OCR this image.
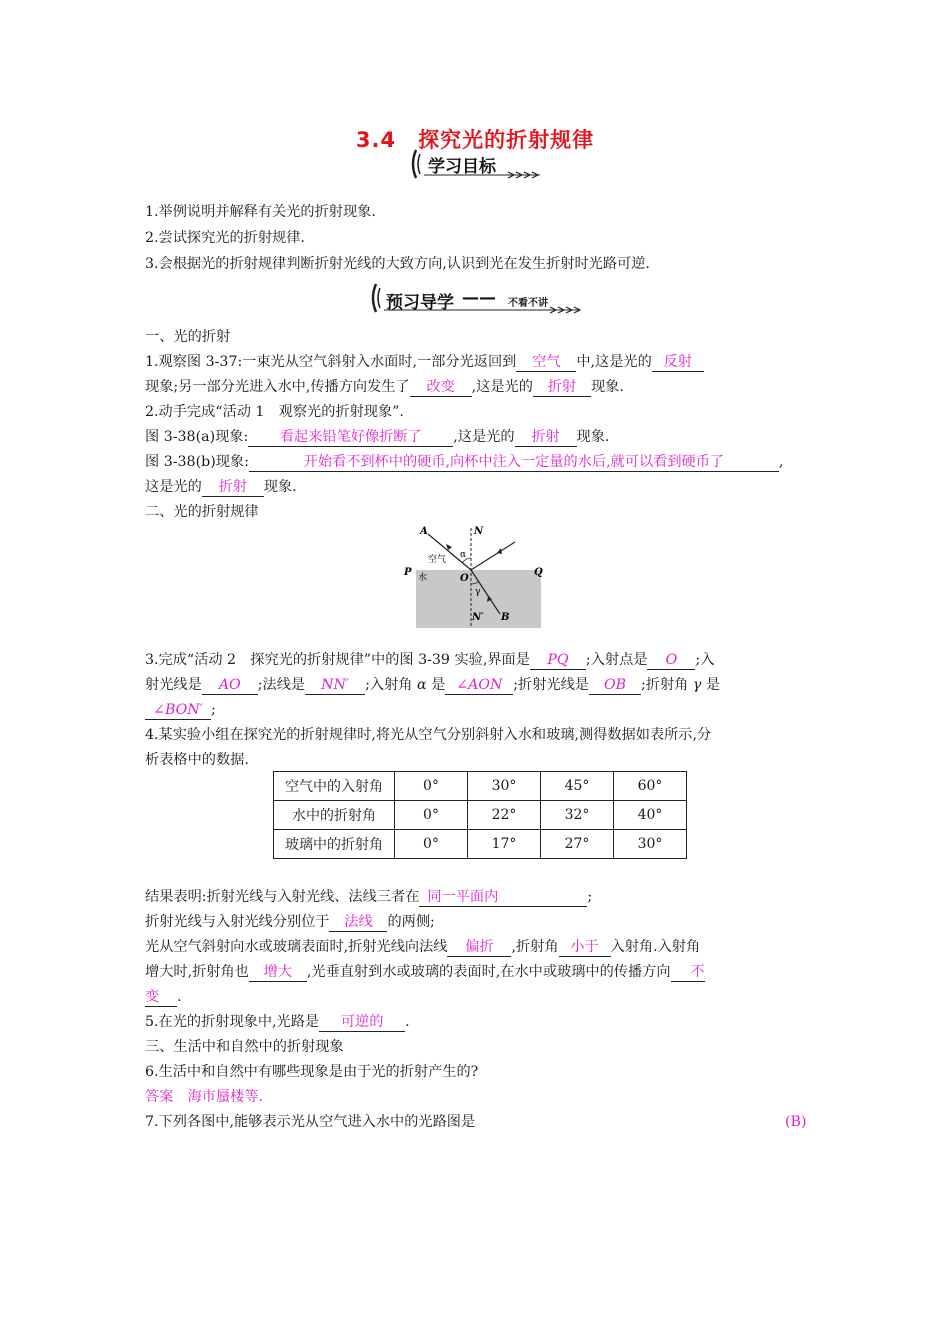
3.4　探究光的折射规律
学习目标
1.举例说明并解释有关光的折射现象.
2.尝试探究光的折射规律.
3.会根据光的折射规律判断折射光线的大致方向,认识到光在发生折射时光路可逆.
预习导学 —— 不看不讲
一、光的折射
1.观察图 3-37:一束光从空气斜射入水面时,一部分光返回到 空气 中,这是光的 反射
现象;另一部分光进入水中,传播方向发生了 改变 ,这是光的 折射 现象.
2.动手完成“活动 1　观察光的折射现象”.
图 3-38(a)现象: 看起来铅笔好像折断了 ,这是光的 折射 现象.
图 3-38(b)现象:	开始看不到杯中的硬币,向杯中注入一定量的水后,就可以看到硬币了	,
这是光的 折射 现象.
二、光的折射规律
A	N
α
空气
P 水	O
Q
γ
N′ B
3.完成“活动 2　探究光的折射规律”中的图 3-39 实验,界面是 PQ ;入射点是 O ;入
射光线是 AO ;法线是 NN′ ;入射角 α 是 ∠AON ;折射光线是 OB ;折射角 γ 是
∠BON′ ;
4.某实验小组在探究光的折射规律时,将光从空气分别斜射入水和玻璃,测得数据如表所示,分
析表格中的数据.
空气中的入射角	0°	30°	45°	60°
水中的折射角	0°	22°	32°	40°
玻璃中的折射角	0°	17°	27°	30°
结果表明:折射光线与入射光线、法线三者在 同一平面内	;
折射光线与入射光线分别位于 法线 的两侧;
光从空气斜射向水或玻璃表面时,折射光线向法线 偏折 ,折射角 小于 入射角.入射角
增大时,折射角也 增大 ,光垂直射到水或玻璃的表面时,在水中或玻璃中的传播方向 不
变 .
5.在光的折射现象中,光路是 可逆的 .
三、生活中和自然中的折射现象
6.生活中和自然中有哪些现象是由于光的折射产生的?
答案　海市蜃楼等.
7.下列各图中,能够表示光从空气进入水中的光路图是	(B)
